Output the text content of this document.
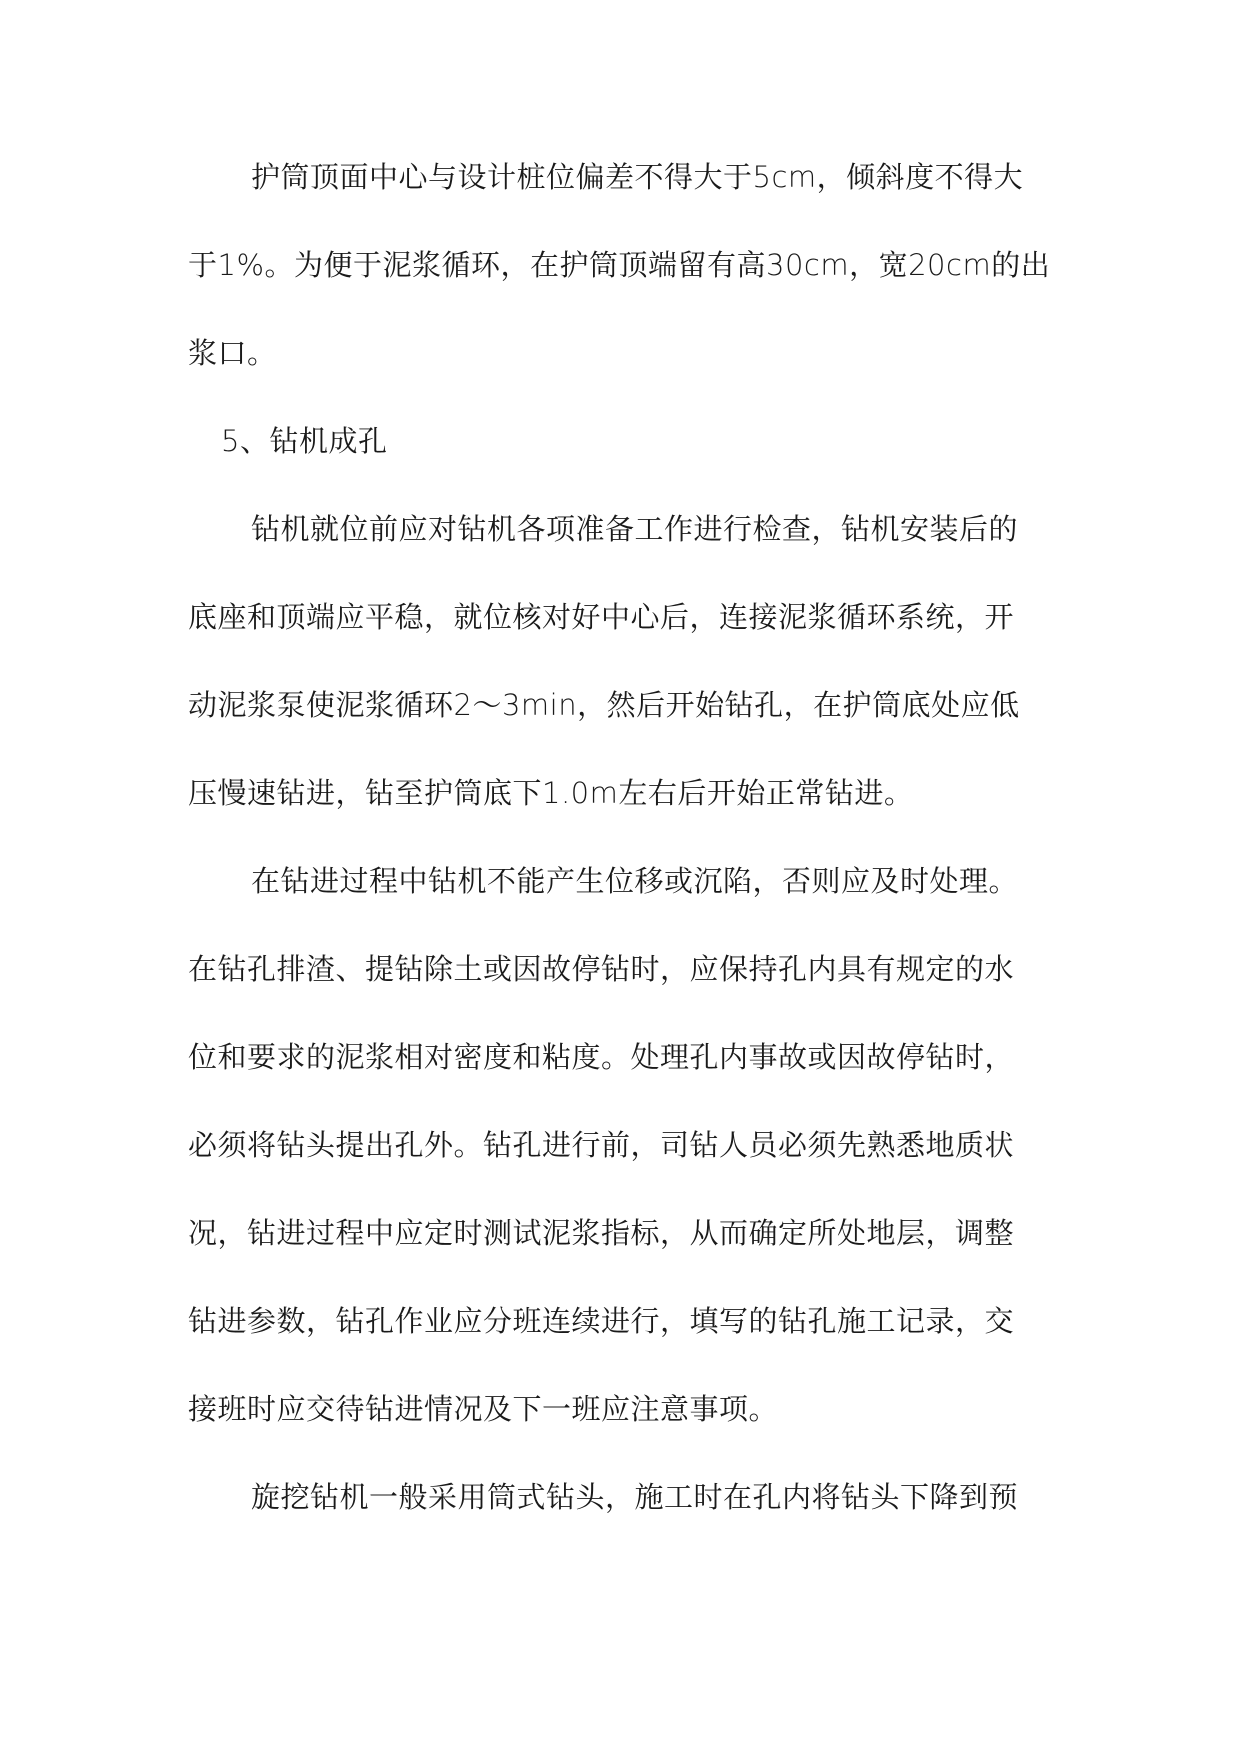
护筒顶面中心与设计桩位偏差不得大于5cm，倾斜度不得大
于1%。为便于泥浆循环，在护筒顶端留有高30cm，宽20cm的出
浆口。
5、钻机成孔
钻机就位前应对钻机各项准备工作进行检查，钻机安装后的
底座和顶端应平稳，就位核对好中心后，连接泥浆循环系统，开
动泥浆泵使泥浆循环2～3min，然后开始钻孔，在护筒底处应低
压慢速钻进，钻至护筒底下1.0m左右后开始正常钻进。
在钻进过程中钻机不能产生位移或沉陷，否则应及时处理。
在钻孔排渣、提钻除土或因故停钻时，应保持孔内具有规定的水
位和要求的泥浆相对密度和粘度。处理孔内事故或因故停钻时，
必须将钻头提出孔外。钻孔进行前，司钻人员必须先熟悉地质状
况，钻进过程中应定时测试泥浆指标，从而确定所处地层，调整
钻进参数，钻孔作业应分班连续进行，填写的钻孔施工记录，交
接班时应交待钻进情况及下一班应注意事项。
旋挖钻机一般采用筒式钻头，施工时在孔内将钻头下降到预
